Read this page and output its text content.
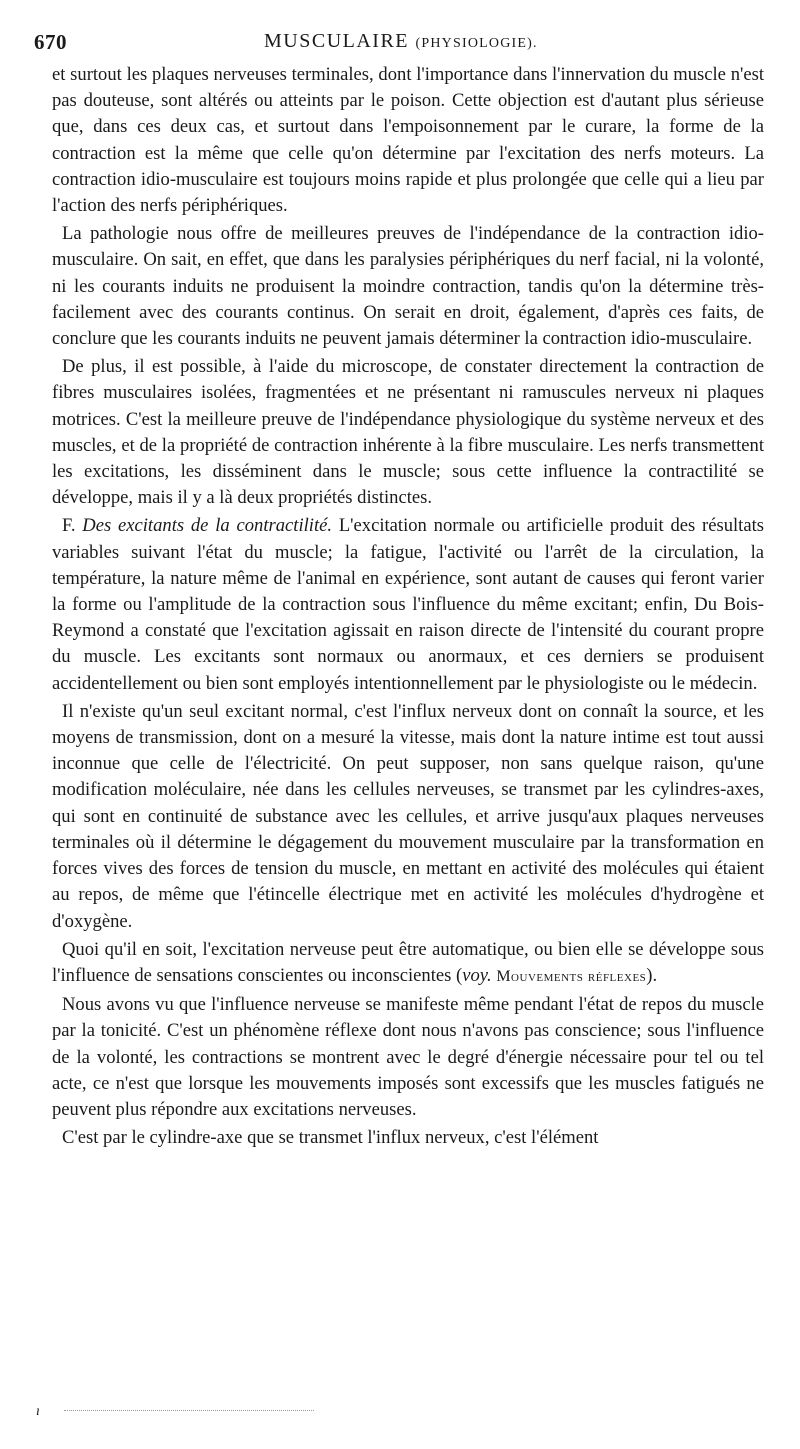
670	MUSCULAIRE (PHYSIOLOGIE).

et surtout les plaques nerveuses terminales, dont l'importance dans l'innervation du muscle n'est pas douteuse, sont altérés ou atteints par le poison. Cette objection est d'autant plus sérieuse que, dans ces deux cas, et surtout dans l'empoisonnement par le curare, la forme de la contraction est la même que celle qu'on détermine par l'excitation des nerfs moteurs. La contraction idio-musculaire est toujours moins rapide et plus prolongée que celle qui a lieu par l'action des nerfs périphériques.

La pathologie nous offre de meilleures preuves de l'indépendance de la contraction idio-musculaire. On sait, en effet, que dans les paralysies périphériques du nerf facial, ni la volonté, ni les courants induits ne produisent la moindre contraction, tandis qu'on la détermine très-facilement avec des courants continus. On serait en droit, également, d'après ces faits, de conclure que les courants induits ne peuvent jamais déterminer la contraction idio-musculaire.

De plus, il est possible, à l'aide du microscope, de constater directement la contraction de fibres musculaires isolées, fragmentées et ne présentant ni ramuscules nerveux ni plaques motrices. C'est la meilleure preuve de l'indépendance physiologique du système nerveux et des muscles, et de la propriété de contraction inhérente à la fibre musculaire. Les nerfs transmettent les excitations, les disséminent dans le muscle; sous cette influence la contractilité se développe, mais il y a là deux propriétés distinctes.

F. Des excitants de la contractilité. L'excitation normale ou artificielle produit des résultats variables suivant l'état du muscle; la fatigue, l'activité ou l'arrêt de la circulation, la température, la nature même de l'animal en expérience, sont autant de causes qui feront varier la forme ou l'amplitude de la contraction sous l'influence du même excitant; enfin, Du Bois-Reymond a constaté que l'excitation agissait en raison directe de l'intensité du courant propre du muscle. Les excitants sont normaux ou anormaux, et ces derniers se produisent accidentellement ou bien sont employés intentionnellement par le physiologiste ou le médecin.

Il n'existe qu'un seul excitant normal, c'est l'influx nerveux dont on connaît la source, et les moyens de transmission, dont on a mesuré la vitesse, mais dont la nature intime est tout aussi inconnue que celle de l'électricité. On peut supposer, non sans quelque raison, qu'une modification moléculaire, née dans les cellules nerveuses, se transmet par les cylindres-axes, qui sont en continuité de substance avec les cellules, et arrive jusqu'aux plaques nerveuses terminales où il détermine le dégagement du mouvement musculaire par la transformation en forces vives des forces de tension du muscle, en mettant en activité des molécules qui étaient au repos, de même que l'étincelle électrique met en activité les molécules d'hydrogène et d'oxygène.

Quoi qu'il en soit, l'excitation nerveuse peut être automatique, ou bien elle se développe sous l'influence de sensations conscientes ou inconscientes (voy. Mouvements réflexes).

Nous avons vu que l'influence nerveuse se manifeste même pendant l'état de repos du muscle par la tonicité. C'est un phénomène réflexe dont nous n'avons pas conscience; sous l'influence de la volonté, les contractions se montrent avec le degré d'énergie nécessaire pour tel ou tel acte, ce n'est que lorsque les mouvements imposés sont excessifs que les muscles fatigués ne peuvent plus répondre aux excitations nerveuses.

C'est par le cylindre-axe que se transmet l'influx nerveux, c'est l'élément

ı
